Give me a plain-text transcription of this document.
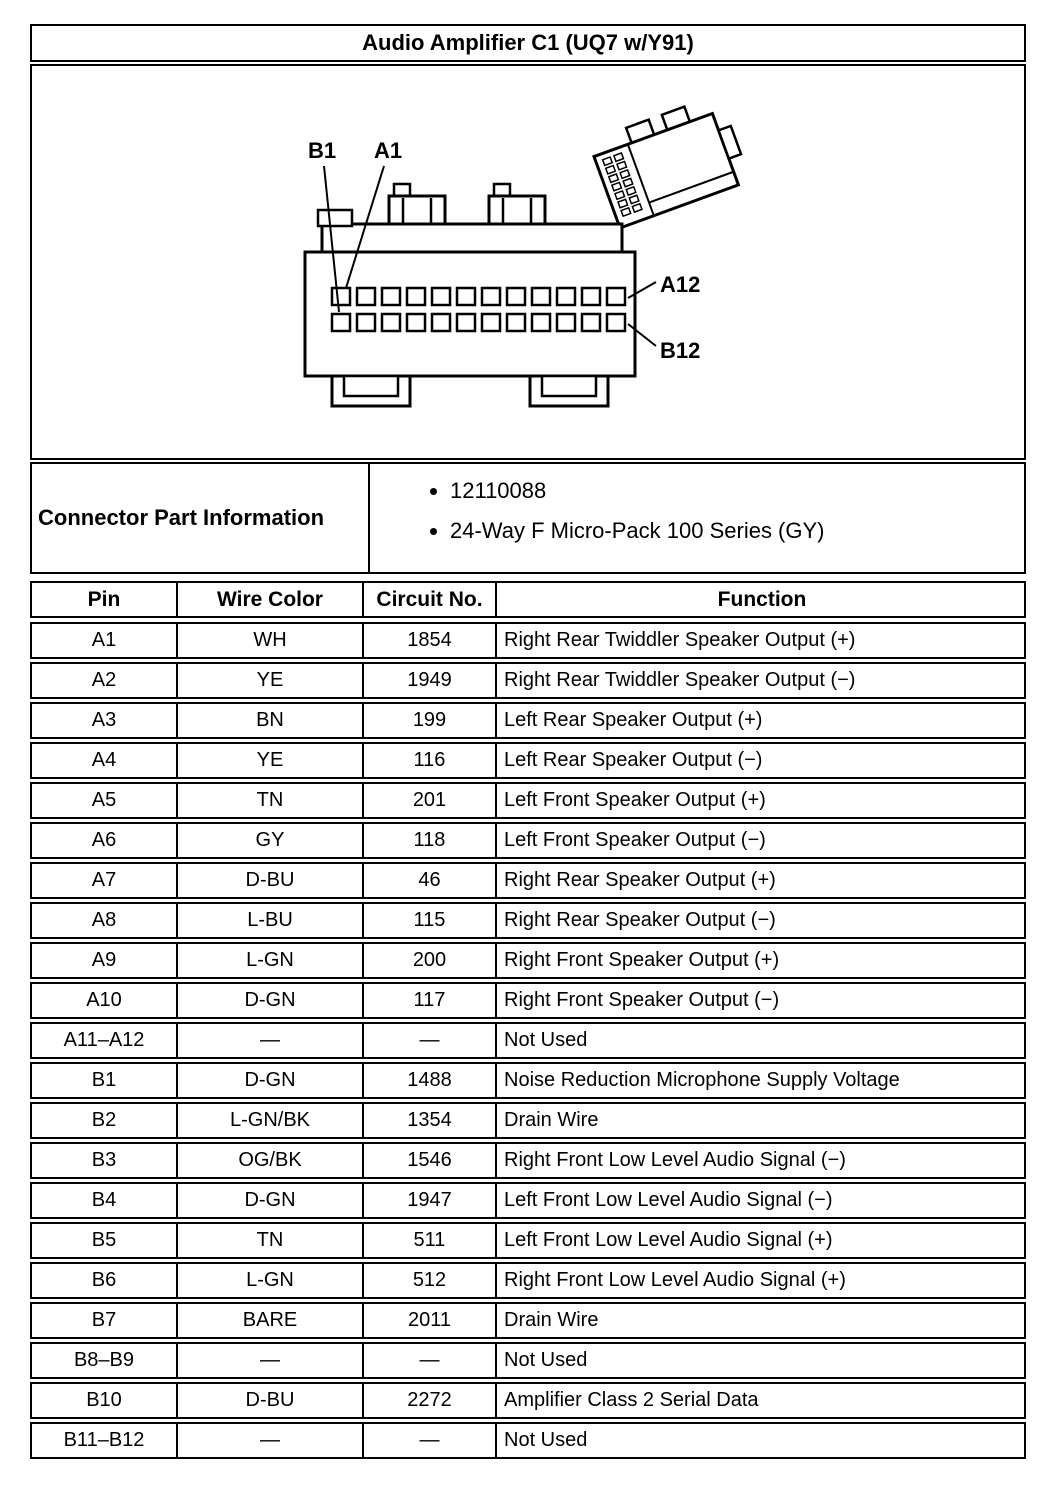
Audio Amplifier C1 (UQ7 w/Y91)
B1 A1
A12
B12
Connector Part Information
• 12110088
• 24-Way F Micro-Pack 100 Series (GY)
Pin	Wire Color	Circuit No.	Function
A1	WH	1854	Right Rear Twiddler Speaker Output (+)
A2	YE	1949	Right Rear Twiddler Speaker Output (−)
A3	BN	199	Left Rear Speaker Output (+)
A4	YE	116	Left Rear Speaker Output (−)
A5	TN	201	Left Front Speaker Output (+)
A6	GY	118	Left Front Speaker Output (−)
A7	D-BU	46	Right Rear Speaker Output (+)
A8	L-BU	115	Right Rear Speaker Output (−)
A9	L-GN	200	Right Front Speaker Output (+)
A10	D-GN	117	Right Front Speaker Output (−)
A11–A12	—	—	Not Used
B1	D-GN	1488	Noise Reduction Microphone Supply Voltage
B2	L-GN/BK	1354	Drain Wire
B3	OG/BK	1546	Right Front Low Level Audio Signal (−)
B4	D-GN	1947	Left Front Low Level Audio Signal (−)
B5	TN	511	Left Front Low Level Audio Signal (+)
B6	L-GN	512	Right Front Low Level Audio Signal (+)
B7	BARE	2011	Drain Wire
B8–B9	—	—	Not Used
B10	D-BU	2272	Amplifier Class 2 Serial Data
B11–B12	—	—	Not Used
